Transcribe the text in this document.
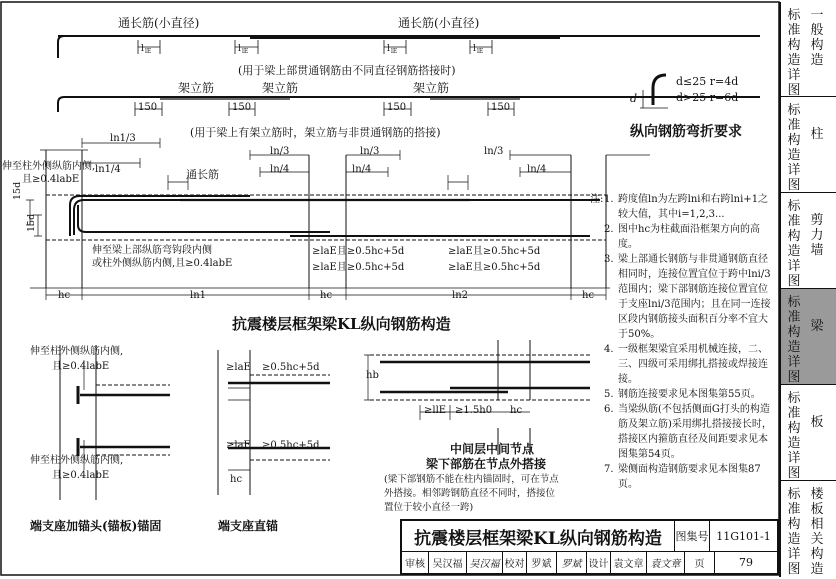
l lE	l lE	l lE	l lE
通长筋(小直径)	通长筋(小直径)
(用于梁上部贯通钢筋由不同直径钢筋搭接时)
架立筋	架立筋	架立筋
150	150	150	150
(用于梁上有架立筋时，架立筋与非贯通钢筋的搭接)
d≤25 r=4d
d>25 r=6d
d
纵向钢筋弯折要求
ln1/3
ln1/4
ln/3
ln/4
ln/3
ln/4
ln/3
ln/4
伸至柱外侧纵筋内侧,
且≥0.4labE	通长筋
15d
15d
伸至梁上部纵筋弯钩段内侧
或柱外侧纵筋内侧,且≥0.4labE
≥laE且≥0.5hc+5d
≥laE且≥0.5hc+5d
≥laE且≥0.5hc+5d
≥laE且≥0.5hc+5d
hc	hc	hc
ln1	ln2
抗震楼层框架梁KL纵向钢筋构造
伸至柱外侧纵筋内侧,
且≥0.4labE
伸至柱外侧纵筋内侧,
且≥0.4labE
端支座加锚头(锚板)锚固
≥laE
≥laE
≥0.5hc+5d
≥0.5hc+5d
hc
端支座直锚
hb
≥llE ≥1.5h0 hc
中间层中间节点
梁下部筋在节点外搭接
(梁下部钢筋不能在柱内锚固时，可在节点
外搭接。相邻跨钢筋直径不同时，搭接位
置位于较小直径一跨)
注: 1. 跨度值ln为左跨lni和右跨lni+1之较大值，其中i=1,2,3...
2. 图中hc为柱截面沿框架方向的高度。
3. 梁上部通长钢筋与非贯通钢筋直径相同时，连接位置宜位于跨中lni/3范围内；梁下部钢筋连接位置宜位于支座lni/3范围内；且在同一连接区段内钢筋接头面积百分率不宜大于50%。
4. 一级框架梁宜采用机械连接，二、三、四级可采用绑扎搭接或焊接连接。
5. 钢筋连接要求见本图集第55页。
6. 当梁纵筋(不包括侧面G打头的构造筋及架立筋)采用绑扎搭接接长时，搭接区内箍筋直径及间距要求见本图集第54页。
7. 梁侧面构造钢筋要求见本图集87页。
抗震楼层框架梁KL纵向钢筋构造	图集号 11G101-1
审核 吴汉福 吴汉福 校对 罗斌	罗斌 设计 袁文章 袁文章	页	79
标准构造详图
一般构造
标准构造详图
柱
标准构造详图
剪力墙
标准构造详图
梁
标准构造详图
板
标准构造详图
楼板相关构造
